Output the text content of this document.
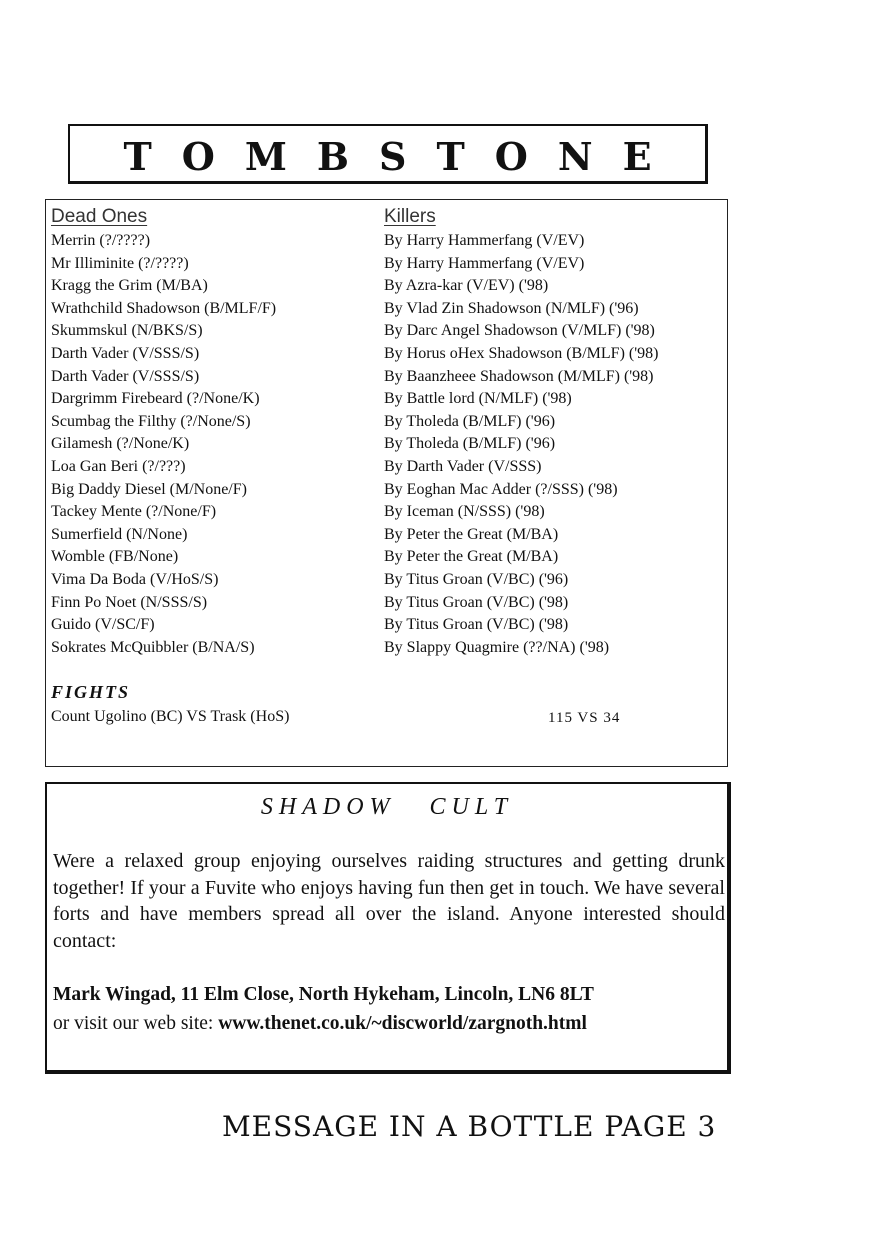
TOMBSTONE
Dead Ones
Merrin (?/????)
Mr Illiminite (?/????)
Kragg the Grim (M/BA)
Wrathchild Shadowson (B/MLF/F)
Skummskul (N/BKS/S)
Darth Vader (V/SSS/S)
Darth Vader (V/SSS/S)
Dargrimm Firebeard (?/None/K)
Scumbag the Filthy (?/None/S)
Gilamesh (?/None/K)
Loa Gan Beri (?/???)
Big Daddy Diesel (M/None/F)
Tackey Mente (?/None/F)
Sumerfield (N/None)
Womble (FB/None)
Vima Da Boda (V/HoS/S)
Finn Po Noet (N/SSS/S)
Guido (V/SC/F)
Sokrates McQuibbler (B/NA/S)
Killers
By Harry Hammerfang (V/EV)
By Harry Hammerfang (V/EV)
By Azra-kar (V/EV) ('98)
By Vlad Zin Shadowson (N/MLF) ('96)
By Darc Angel Shadowson (V/MLF) ('98)
By Horus oHex Shadowson (B/MLF) ('98)
By Baanzheee Shadowson (M/MLF) ('98)
By Battle lord (N/MLF) ('98)
By Tholeda (B/MLF) ('96)
By Tholeda (B/MLF) ('96)
By Darth Vader (V/SSS)
By Eoghan Mac Adder (?/SSS) ('98)
By Iceman (N/SSS) ('98)
By Peter the Great (M/BA)
By Peter the Great (M/BA)
By Titus Groan (V/BC) ('96)
By Titus Groan (V/BC) ('98)
By Titus Groan (V/BC) ('98)
By Slappy Quagmire (??/NA) ('98)
FIGHTS
Count Ugolino (BC) VS Trask (HoS)	115 VS 34
SHADOW CULT
Were a relaxed group enjoying ourselves raiding structures and getting drunk together! If your a Fuvite who enjoys having fun then get in touch. We have several forts and have members spread all over the island. Anyone interested should contact:
Mark Wingad, 11 Elm Close, North Hykeham, Lincoln, LN6 8LT
or visit our web site: www.thenet.co.uk/~discworld/zargnoth.html
MESSAGE IN A BOTTLE PAGE 3
